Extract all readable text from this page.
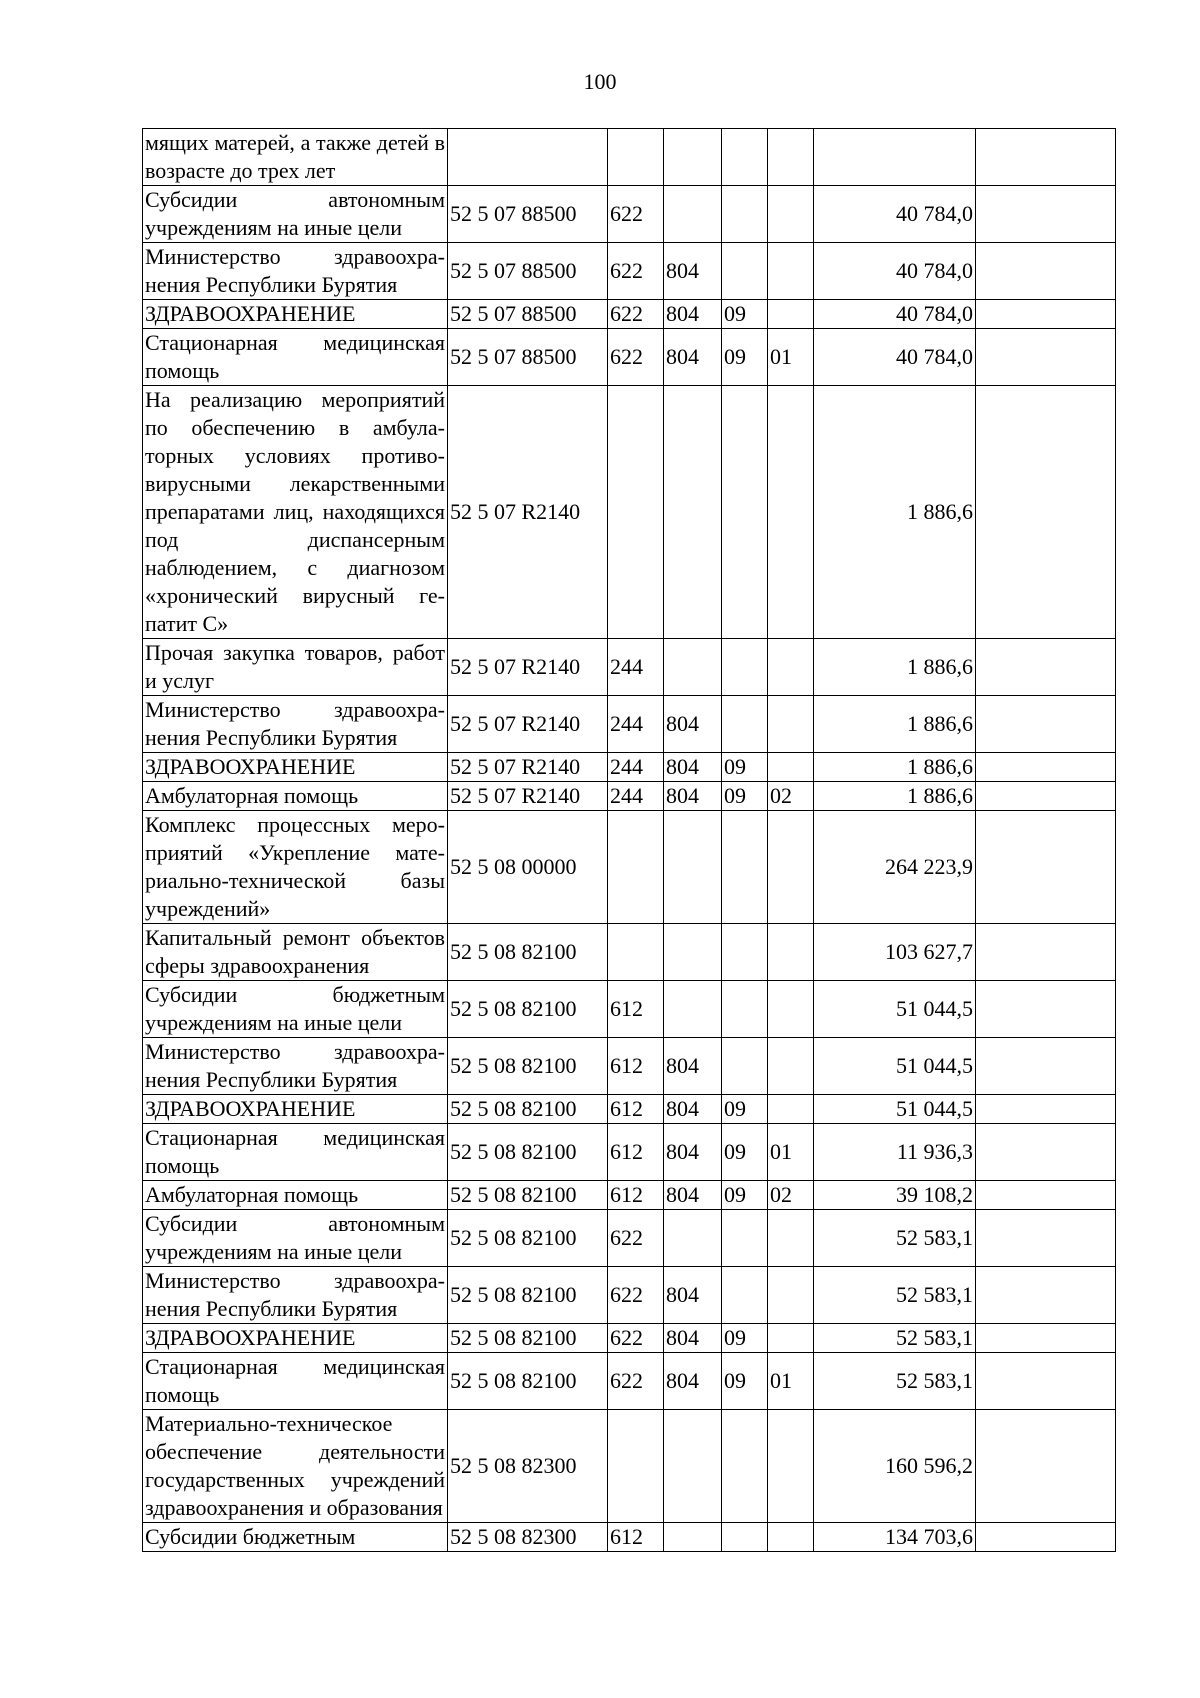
100
мящих матерей, а также детей в возрасте до трех лет							
Субсидии автономным учреждениям на иные цели	52 5 07 88500	622				40 784,0	
Министерство здравоохранения Республики Бурятия	52 5 07 88500	622	804			40 784,0	
ЗДРАВООХРАНЕНИЕ	52 5 07 88500	622	804	09		40 784,0	
Стационарная медицинская помощь	52 5 07 88500	622	804	09	01	40 784,0	
На реализацию мероприятий по обеспечению в амбулаторных условиях противовирусными лекарственными препаратами лиц, находящихся под диспансерным наблюдением, с диагнозом «хронический вирусный гепатит С»	52 5 07 R2140					1 886,6	
Прочая закупка товаров, работ и услуг	52 5 07 R2140	244				1 886,6	
Министерство здравоохранения Республики Бурятия	52 5 07 R2140	244	804			1 886,6	
ЗДРАВООХРАНЕНИЕ	52 5 07 R2140	244	804	09		1 886,6	
Амбулаторная помощь	52 5 07 R2140	244	804	09	02	1 886,6	
Комплекс процессных мероприятий «Укрепление материально-технической базы учреждений»	52 5 08 00000					264 223,9	
Капитальный ремонт объектов сферы здравоохранения	52 5 08 82100					103 627,7	
Субсидии бюджетным учреждениям на иные цели	52 5 08 82100	612				51 044,5	
Министерство здравоохранения Республики Бурятия	52 5 08 82100	612	804			51 044,5	
ЗДРАВООХРАНЕНИЕ	52 5 08 82100	612	804	09		51 044,5	
Стационарная медицинская помощь	52 5 08 82100	612	804	09	01	11 936,3	
Амбулаторная помощь	52 5 08 82100	612	804	09	02	39 108,2	
Субсидии автономным учреждениям на иные цели	52 5 08 82100	622				52 583,1	
Министерство здравоохранения Республики Бурятия	52 5 08 82100	622	804			52 583,1	
ЗДРАВООХРАНЕНИЕ	52 5 08 82100	622	804	09		52 583,1	
Стационарная медицинская помощь	52 5 08 82100	622	804	09	01	52 583,1	
Материально-техническое обеспечение деятельности государственных учреждений здравоохранения и образования	52 5 08 82300					160 596,2	
Субсидии бюджетным	52 5 08 82300	612				134 703,6	
